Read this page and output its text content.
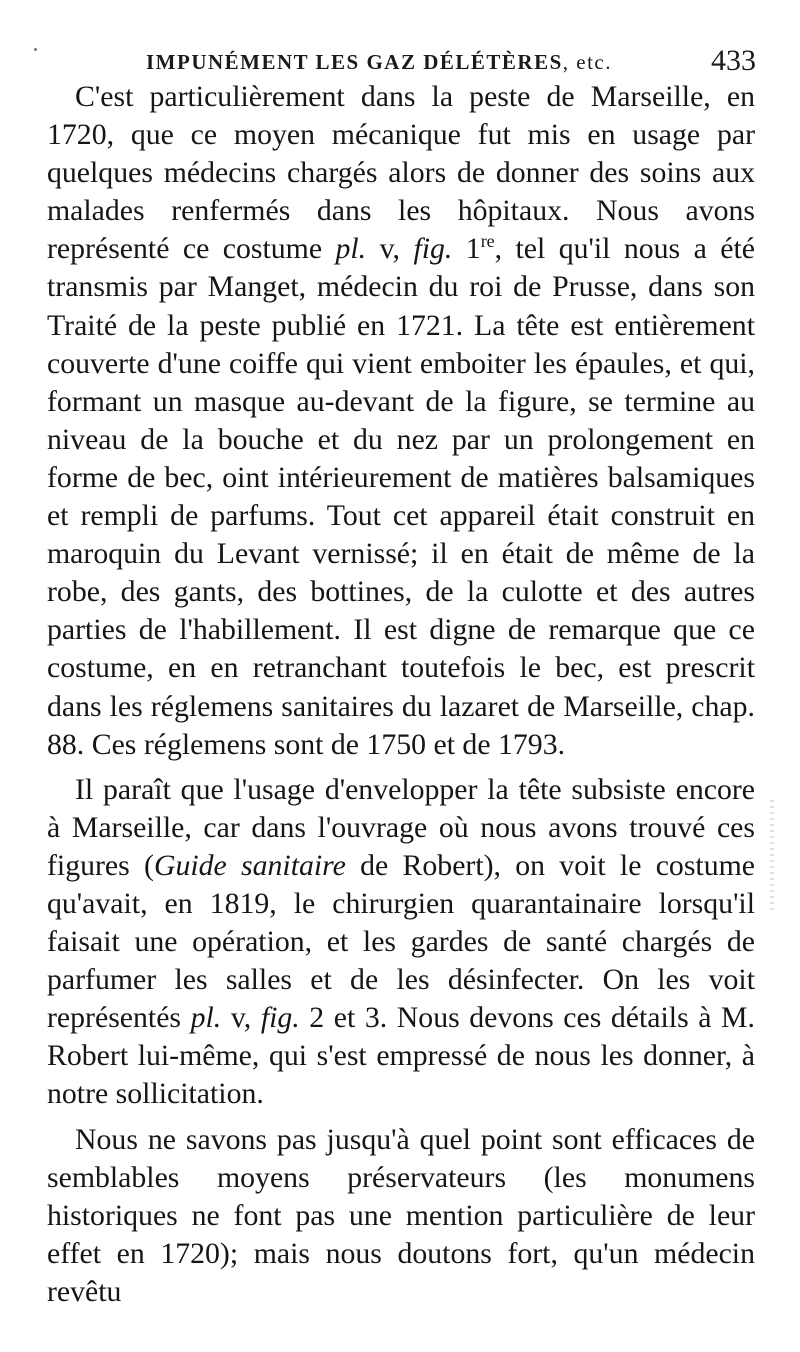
IMPUNÉMENT LES GAZ DÉLÉTÈRES, etc.	433

C'est particulièrement dans la peste de Marseille, en 1720, que ce moyen mécanique fut mis en usage par quelques médecins chargés alors de donner des soins aux malades renfermés dans les hôpitaux. Nous avons représenté ce costume pl. v, fig. 1re, tel qu'il nous a été transmis par Manget, médecin du roi de Prusse, dans son Traité de la peste publié en 1721. La tête est entièrement couverte d'une coiffe qui vient emboiter les épaules, et qui, formant un masque au-devant de la figure, se termine au niveau de la bouche et du nez par un prolongement en forme de bec, oint intérieurement de matières balsamiques et rempli de parfums. Tout cet appareil était construit en maroquin du Levant vernissé; il en était de même de la robe, des gants, des bottines, de la culotte et des autres parties de l'habillement. Il est digne de remarque que ce costume, en en retranchant toutefois le bec, est prescrit dans les réglemens sanitaires du lazaret de Marseille, chap. 88. Ces réglemens sont de 1750 et de 1793.

Il paraît que l'usage d'envelopper la tête subsiste encore à Marseille, car dans l'ouvrage où nous avons trouvé ces figures (Guide sanitaire de Robert), on voit le costume qu'avait, en 1819, le chirurgien quarantainaire lorsqu'il faisait une opération, et les gardes de santé chargés de parfumer les salles et de les désinfecter. On les voit représentés pl. v, fig. 2 et 3. Nous devons ces détails à M. Robert lui-même, qui s'est empressé de nous les donner, à notre sollicitation.

Nous ne savons pas jusqu'à quel point sont efficaces de semblables moyens préservateurs (les monumens historiques ne font pas une mention particulière de leur effet en 1720); mais nous doutons fort, qu'un médecin revêtu
